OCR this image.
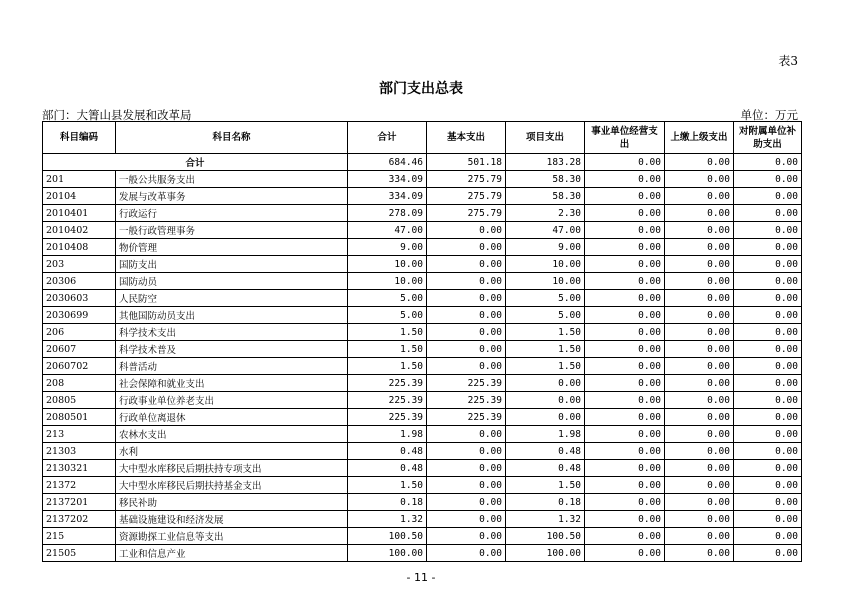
表3
部门支出总表
部门：大箐山县发展和改革局	单位：万元
科目编码	科目名称	合计	基本支出	项目支出	事业单位经营支出	上缴上级支出	对附属单位补助支出
合计		684.46	501.18	183.28	0.00	0.00	0.00
201	一般公共服务支出	334.09	275.79	58.30	0.00	0.00	0.00
20104	发展与改革事务	334.09	275.79	58.30	0.00	0.00	0.00
2010401	行政运行	278.09	275.79	2.30	0.00	0.00	0.00
2010402	一般行政管理事务	47.00	0.00	47.00	0.00	0.00	0.00
2010408	物价管理	9.00	0.00	9.00	0.00	0.00	0.00
203	国防支出	10.00	0.00	10.00	0.00	0.00	0.00
20306	国防动员	10.00	0.00	10.00	0.00	0.00	0.00
2030603	人民防空	5.00	0.00	5.00	0.00	0.00	0.00
2030699	其他国防动员支出	5.00	0.00	5.00	0.00	0.00	0.00
206	科学技术支出	1.50	0.00	1.50	0.00	0.00	0.00
20607	科学技术普及	1.50	0.00	1.50	0.00	0.00	0.00
2060702	科普活动	1.50	0.00	1.50	0.00	0.00	0.00
208	社会保障和就业支出	225.39	225.39	0.00	0.00	0.00	0.00
20805	行政事业单位养老支出	225.39	225.39	0.00	0.00	0.00	0.00
2080501	行政单位离退休	225.39	225.39	0.00	0.00	0.00	0.00
213	农林水支出	1.98	0.00	1.98	0.00	0.00	0.00
21303	水利	0.48	0.00	0.48	0.00	0.00	0.00
2130321	大中型水库移民后期扶持专项支出	0.48	0.00	0.48	0.00	0.00	0.00
21372	大中型水库移民后期扶持基金支出	1.50	0.00	1.50	0.00	0.00	0.00
2137201	移民补助	0.18	0.00	0.18	0.00	0.00	0.00
2137202	基础设施建设和经济发展	1.32	0.00	1.32	0.00	0.00	0.00
215	资源勘探工业信息等支出	100.50	0.00	100.50	0.00	0.00	0.00
21505	工业和信息产业	100.00	0.00	100.00	0.00	0.00	0.00
- 11 -
